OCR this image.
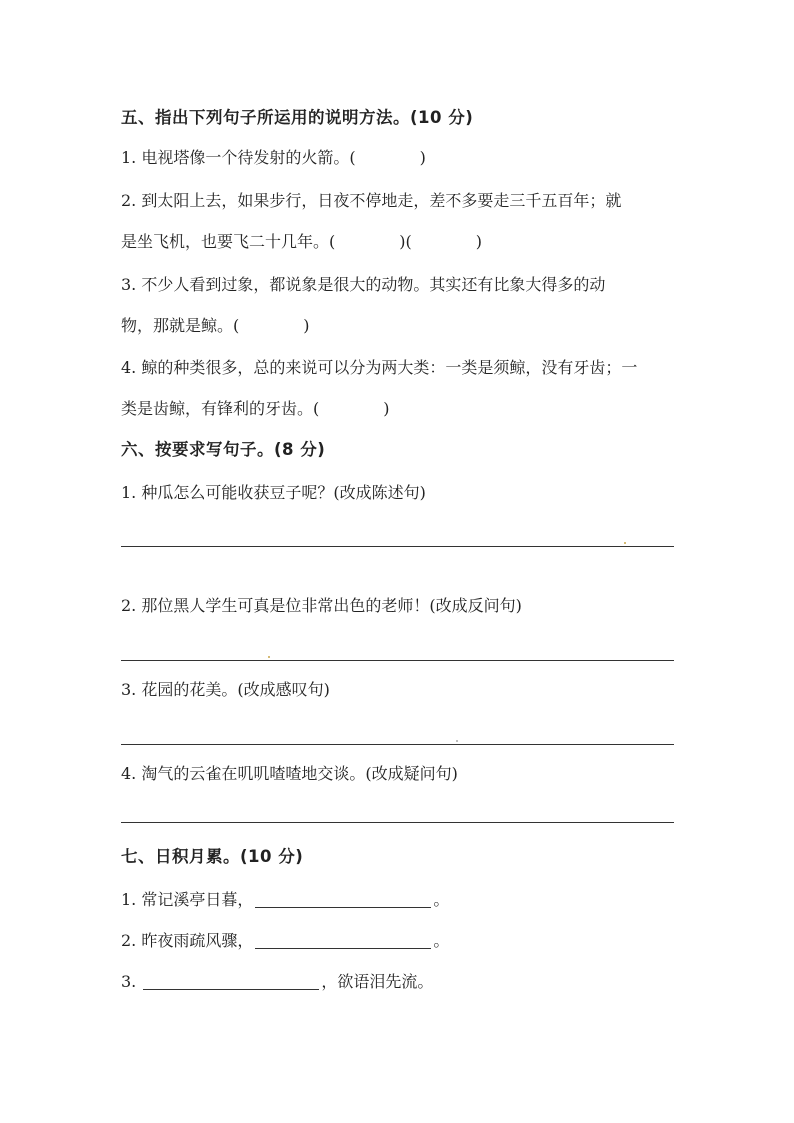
五、指出下列句子所运用的说明方法。(10 分)
1. 电视塔像一个待发射的火箭。(　　　　)
2. 到太阳上去，如果步行，日夜不停地走，差不多要走三千五百年；就
是坐飞机，也要飞二十几年。(　　　　)(　　　　)
3. 不少人看到过象，都说象是很大的动物。其实还有比象大得多的动
物，那就是鲸。(　　　　)
4. 鲸的种类很多，总的来说可以分为两大类：一类是须鲸，没有牙齿；一
类是齿鲸，有锋利的牙齿。(　　　　)
六、按要求写句子。(8 分)
1. 种瓜怎么可能收获豆子呢？(改成陈述句)
2. 那位黑人学生可真是位非常出色的老师！(改成反问句)
3. 花园的花美。(改成感叹句)
4. 淘气的云雀在叽叽喳喳地交谈。(改成疑问句)
七、日积月累。(10 分)
1. 常记溪亭日暮，	。
2. 昨夜雨疏风骤，	。
3.	，欲语泪先流。
